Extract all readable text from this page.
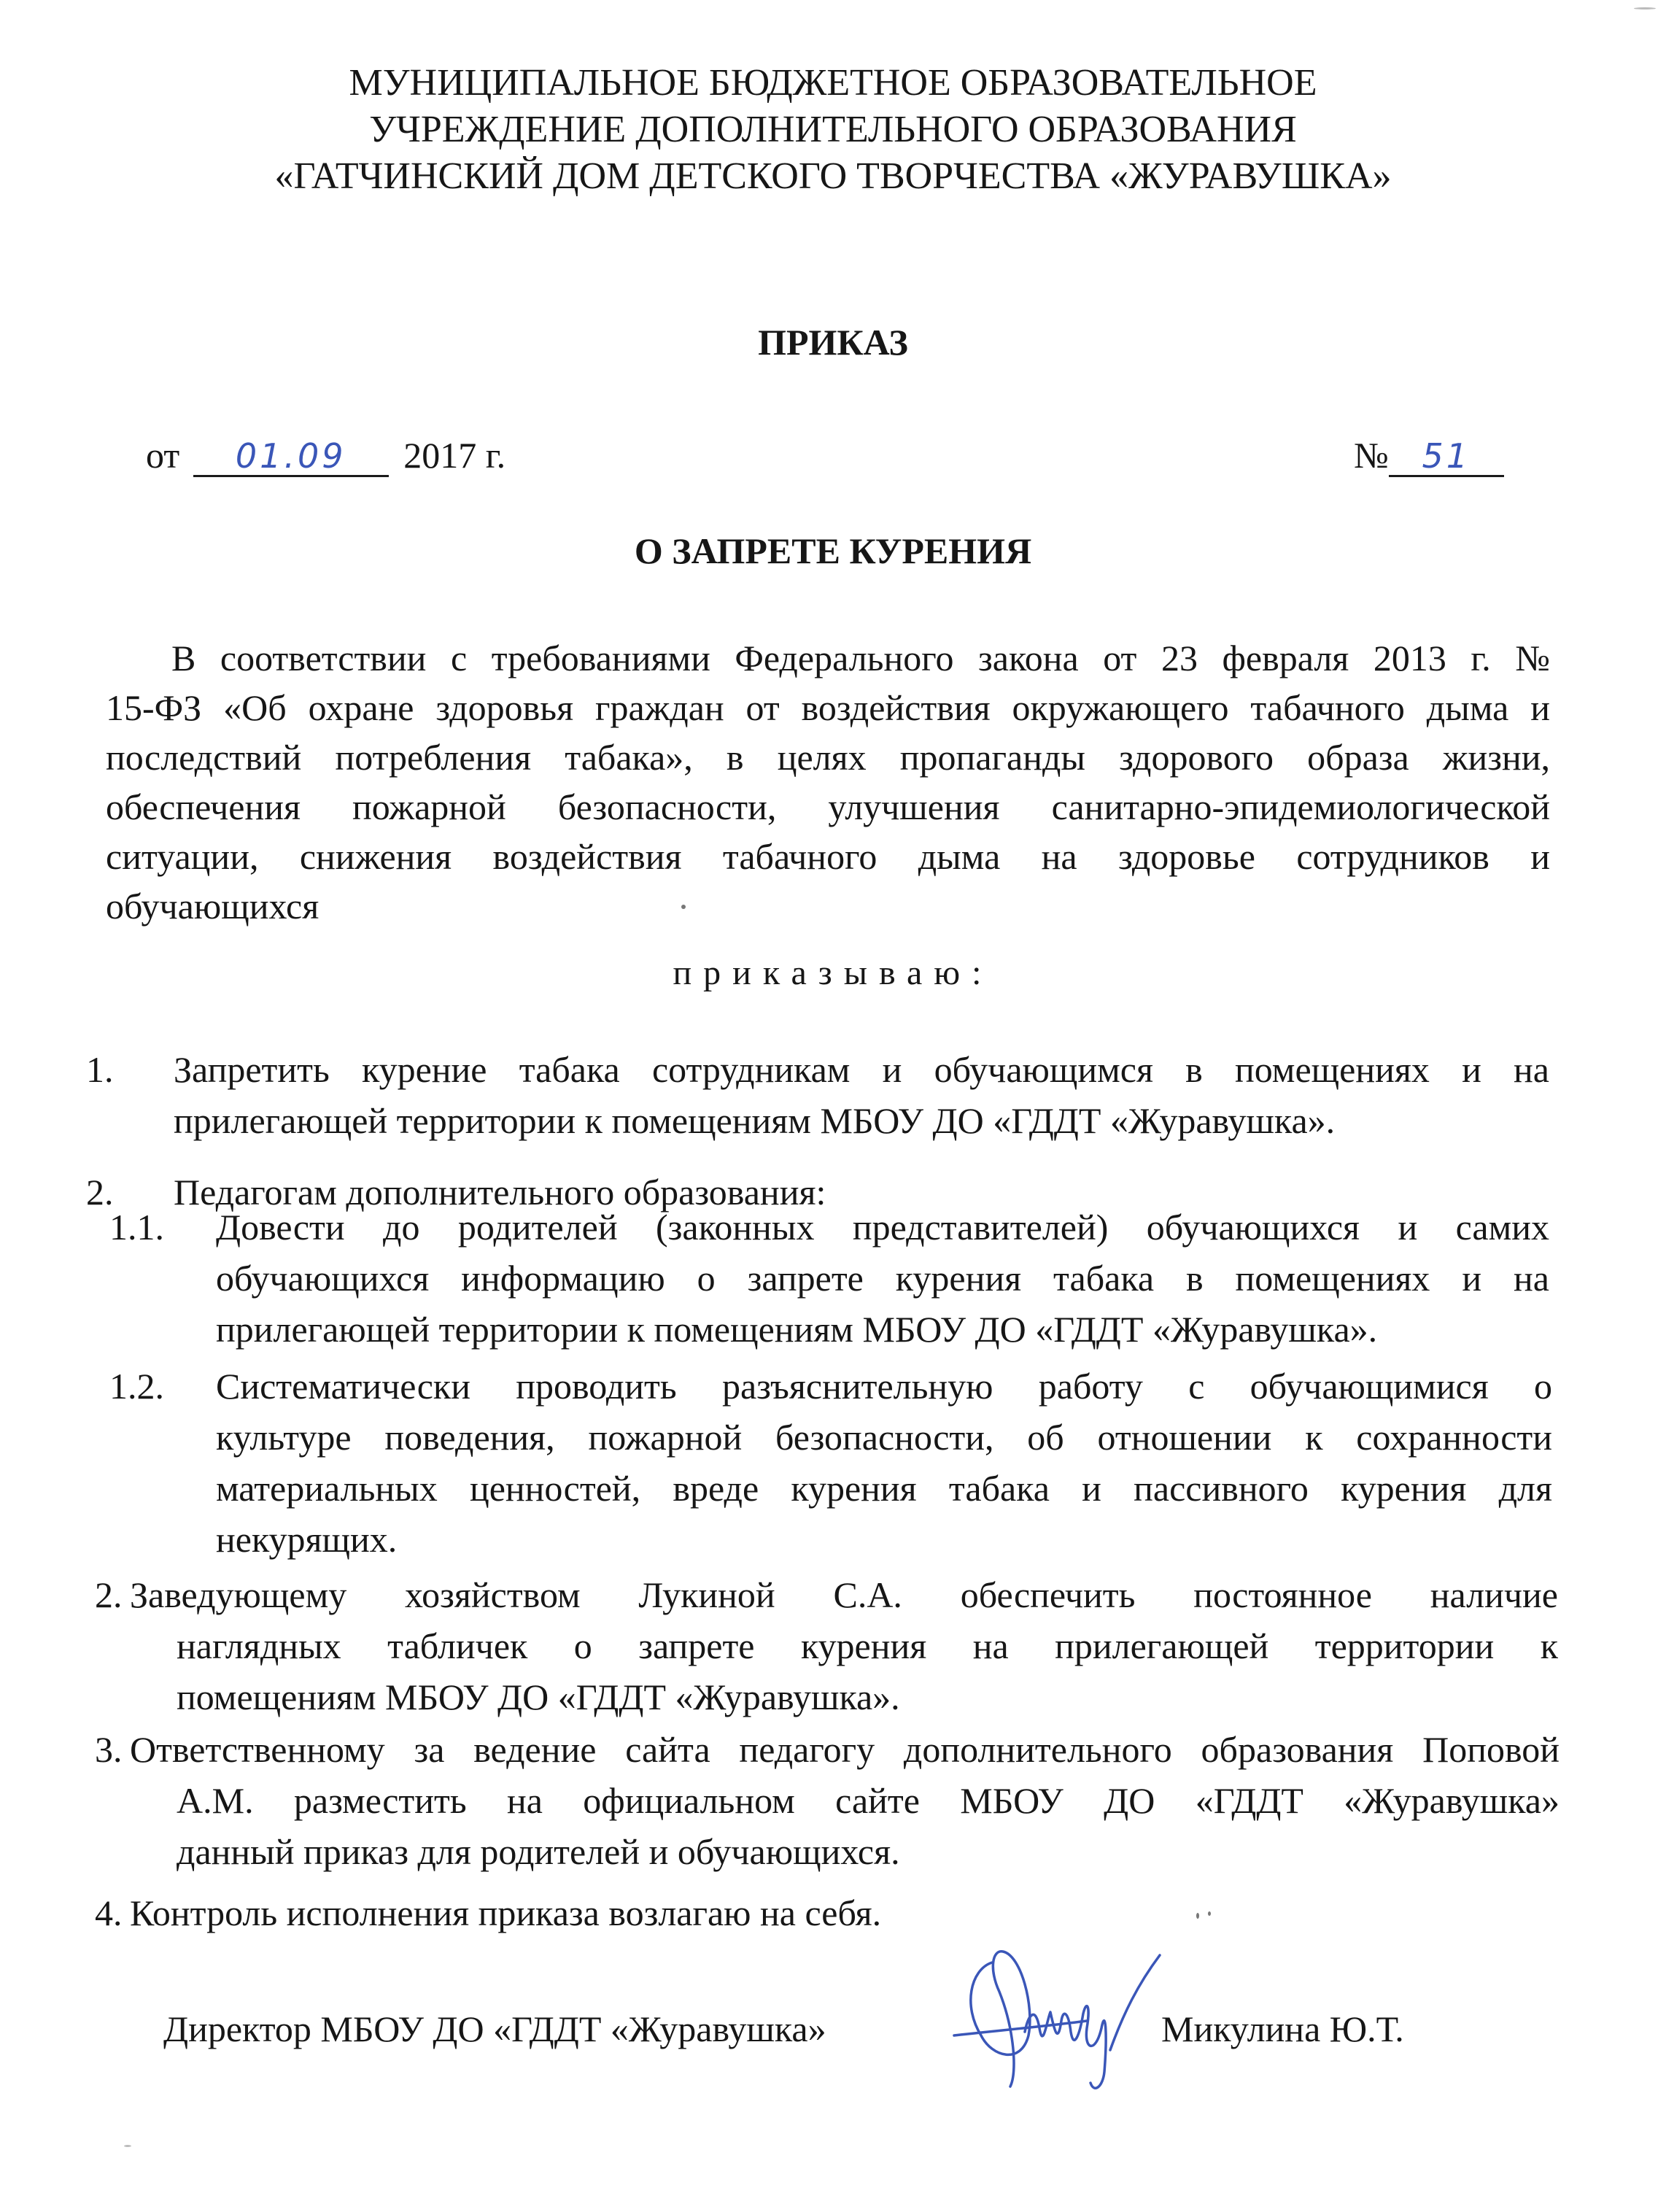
МУНИЦИПАЛЬНОЕ БЮДЖЕТНОЕ ОБРАЗОВАТЕЛЬНОЕ
УЧРЕЖДЕНИЕ ДОПОЛНИТЕЛЬНОГО ОБРАЗОВАНИЯ
«ГАТЧИНСКИЙ ДОМ ДЕТСКОГО ТВОРЧЕСТВА «ЖУРАВУШКА»
ПРИКАЗ
от 01.09 2017 г.	№ 51
О ЗАПРЕТЕ КУРЕНИЯ
В соответствии с требованиями Федерального закона от 23 февраля 2013 г. №
15-ФЗ «Об охране здоровья граждан от воздействия окружающего табачного дыма и
последствий потребления табака», в целях пропаганды здорового образа жизни,
обеспечения пожарной безопасности, улучшения санитарно-эпидемиологической
ситуации, снижения воздействия табачного дыма на здоровье сотрудников и
обучающихся
приказываю:
1. Запретить курение табака сотрудникам и обучающимся в помещениях и на
прилегающей территории к помещениям МБОУ ДО «ГДДТ «Журавушка».
2. Педагогам дополнительного образования:
1.1. Довести до родителей (законных представителей) обучающихся и самих
обучающихся информацию о запрете курения табака в помещениях и на
прилегающей территории к помещениям МБОУ ДО «ГДДТ «Журавушка».
1.2. Систематически проводить разъяснительную работу с обучающимися о
культуре поведения, пожарной безопасности, об отношении к сохранности
материальных ценностей, вреде курения табака и пассивного курения для
некурящих.
2. Заведующему хозяйством Лукиной С.А. обеспечить постоянное наличие
наглядных табличек о запрете курения на прилегающей территории к
помещениям МБОУ ДО «ГДДТ «Журавушка».
3. Ответственному за ведение сайта педагогу дополнительного образования Поповой
А.М. разместить на официальном сайте МБОУ ДО «ГДДТ «Журавушка»
данный приказ для родителей и обучающихся.
4. Контроль исполнения приказа возлагаю на себя.
Директор МБОУ ДО «ГДДТ «Журавушка»	Микулина Ю.Т.
